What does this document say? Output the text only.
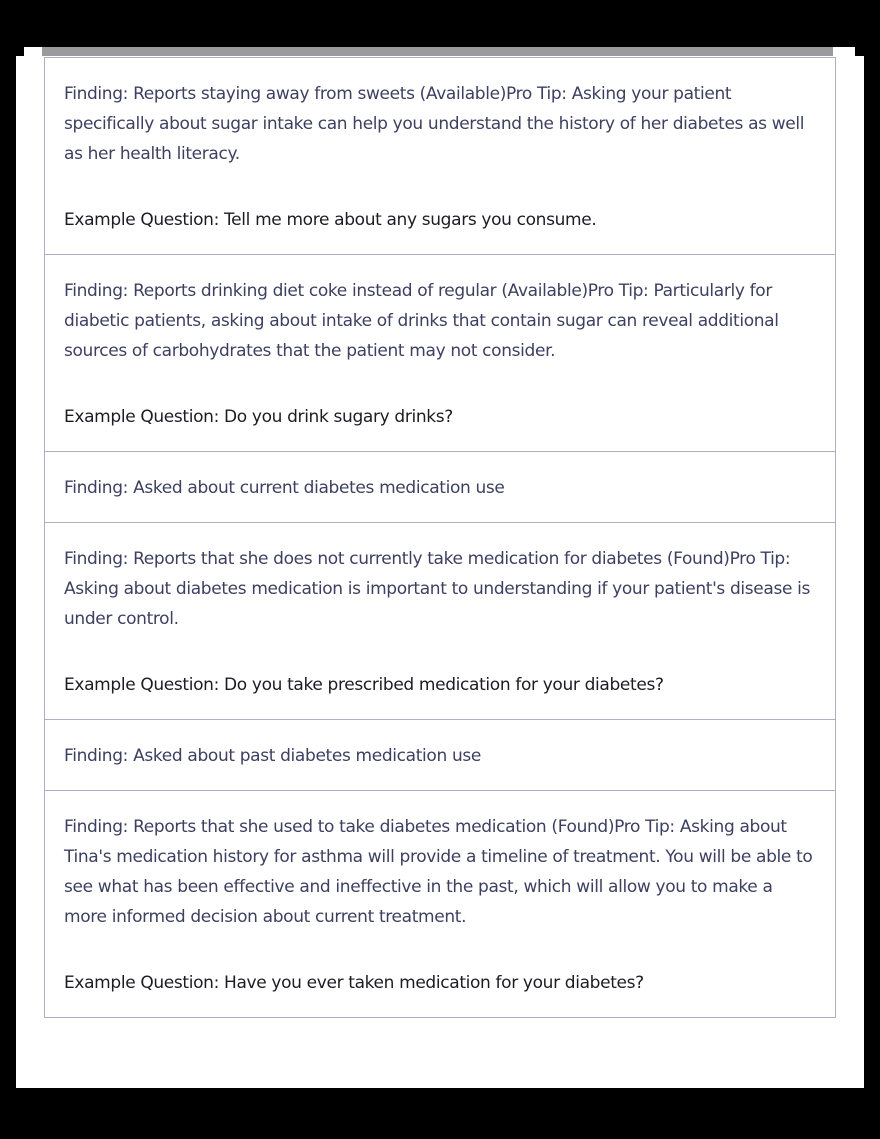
Finding: Reports staying away from sweets (Available)Pro Tip: Asking your patient specifically about sugar intake can help you understand the history of her diabetes as well as her health literacy.
Example Question: Tell me more about any sugars you consume.

Finding: Reports drinking diet coke instead of regular (Available)Pro Tip: Particularly for diabetic patients, asking about intake of drinks that contain sugar can reveal additional sources of carbohydrates that the patient may not consider.
Example Question: Do you drink sugary drinks?

Finding: Asked about current diabetes medication use

Finding: Reports that she does not currently take medication for diabetes (Found)Pro Tip: Asking about diabetes medication is important to understanding if your patient's disease is under control.
Example Question: Do you take prescribed medication for your diabetes?

Finding: Asked about past diabetes medication use

Finding: Reports that she used to take diabetes medication (Found)Pro Tip: Asking about Tina's medication history for asthma will provide a timeline of treatment. You will be able to see what has been effective and ineffective in the past, which will allow you to make a more informed decision about current treatment.
Example Question: Have you ever taken medication for your diabetes?
